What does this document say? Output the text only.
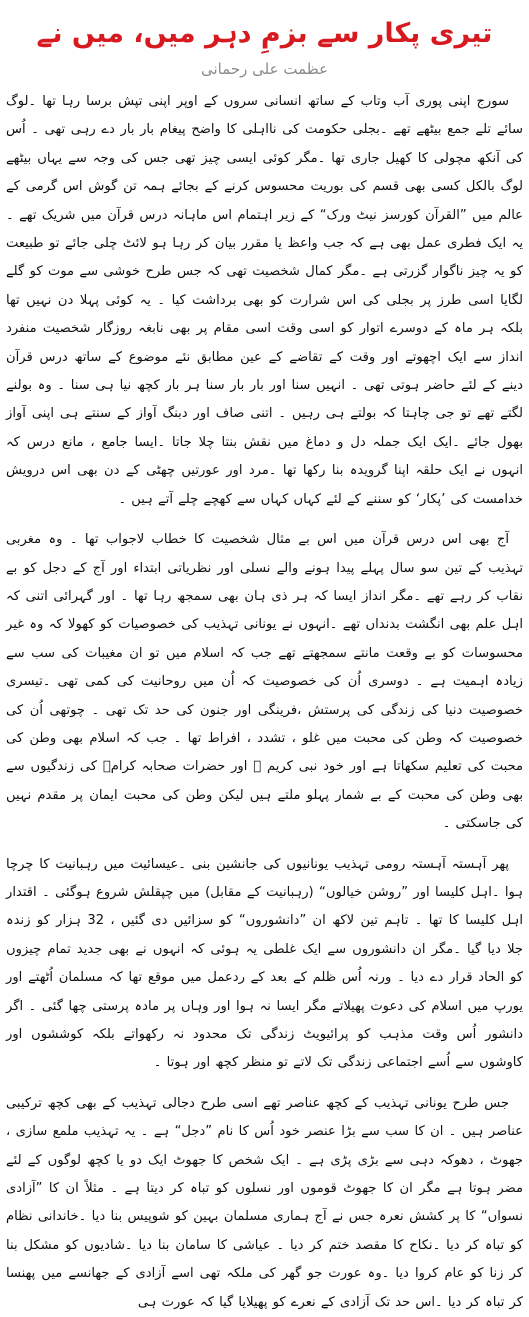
تیری پکار سے بزمِ دہر میں، میں نے
عظمت علی رحمانی

سورج اپنی پوری آب وتاب کے ساتھ انسانی سروں کے اوپر اپنی تپش برسا رہا تھا ۔لوگ سائے تلے جمع بیٹھے تھے ۔بجلی حکومت کی نااہلی کا واضح پیغام بار بار دے رہی تھی ۔ اُس کی آنکھ مچولی کا کھیل جاری تھا ۔مگر کوئی ایسی چیز تھی جس کی وجہ سے یہاں بیٹھے لوگ بالکل کسی بھی قسم کی بوریت محسوس کرنے کے بجائے ہمہ تن گوش اس گرمی کے عالم میں ”القرآن کورسز نیٹ ورک“ کے زیر اہتمام اس ماہانہ درس قرآن میں شریک تھے ۔ یہ ایک فطری عمل بھی ہے کہ جب واعظ یا مقرر بیان کر رہا ہو لائٹ چلی جائے تو طبیعت کو یہ چیز ناگوار گزرتی ہے ۔مگر کمال شخصیت تھی کہ جس طرح خوشی سے موت کو گلے لگایا اسی طرز پر بجلی کی اس شرارت کو بھی برداشت کیا ۔ یہ کوئی پہلا دن نہیں تھا بلکہ ہر ماہ کے دوسرے اتوار کو اسی وقت اسی مقام پر بھی نابغہ روزگار شخصیت منفرد انداز سے ایک اچھوتے اور وقت کے تقاضے کے عین مطابق نئے موضوع کے ساتھ درس قرآن دینے کے لئے حاضر ہوتی تھی ۔ انہیں سنا اور بار بار سنا ہر بار کچھ نیا ہی سنا ۔ وہ بولنے لگتے تھے تو جی چاہتا کہ بولتے ہی رہیں ۔ اتنی صاف اور دبنگ آواز کے سنتے ہی اپنی آواز بھول جائے ۔ایک ایک جملہ دل و دماغ میں نقش بنتا چلا جاتا ۔ایسا جامع ، مانع درس کہ انہوں نے ایک حلقہ اپنا گرویدہ بنا رکھا تھا ۔مرد اور عورتیں چھٹی کے دن بھی اس درویش خدامست کی ’پکار‘ کو سننے کے لئے کہاں کہاں سے کھچے چلے آتے ہیں ۔

آج بھی اس درس قرآن میں اس بے مثال شخصیت کا خطاب لاجواب تھا ۔ وہ مغربی تہذیب کے تین سو سال پہلے پیدا ہونے والے نسلی اور نظریاتی ابتداء اور آج کے دجل کو بے نقاب کر رہے تھے ۔مگر انداز ایسا کہ ہر ذی ہان بھی سمجھ رہا تھا ۔ اور گہرائی اتنی کہ اہل علم بھی انگشت بدنداں تھے ۔انہوں نے یونانی تہذیب کی خصوصیات کو کھولا کہ وہ غیر محسوسات کو بے وقعت مانتے سمجھتے تھے جب کہ اسلام میں تو ان مغیبات کی سب سے زیادہ اہمیت ہے ۔ دوسری اُن کی خصوصیت کہ اُن میں روحانیت کی کمی تھی ۔تیسری خصوصیت دنیا کی زندگی کی پرستش ،فرینگی اور جنون کی حد تک تھی ۔ چوتھی اُن کی خصوصیت کہ وطن کی محبت میں غلو ، تشدد ، افراط تھا ۔ جب کہ اسلام بھی وطن کی محبت کی تعلیم سکھاتا ہے اور خود نبی کریم ﷺ اور حضرات صحابہ کرامؓ کی زندگیوں سے بھی وطن کی محبت کے بے شمار پہلو ملتے ہیں لیکن وطن کی محبت ایمان پر مقدم نہیں کی جاسکتی ۔

پھر آہستہ آہستہ رومی تہذیب یونانیوں کی جانشین بنی ۔عیسائیت میں رہبانیت کا چرچا ہوا ۔اہل کلیسا اور ”روشن خیالوں“ (رہبانیت کے مقابل) میں چپقلش شروع ہوگئی ۔ اقتدار اہل کلیسا کا تھا ۔ تاہم تین لاکھ ان ”دانشوروں“ کو سزائیں دی گئیں ، 32 ہزار کو زندہ جلا دیا گیا ۔مگر ان دانشوروں سے ایک غلطی یہ ہوئی کہ انہوں نے بھی جدید تمام چیزوں کو الحاد قرار دے دیا ۔ ورنہ اُس ظلم کے بعد کے ردعمل میں موقع تھا کہ مسلمان اُٹھتے اور یورپ میں اسلام کی دعوت پھیلاتے مگر ایسا نہ ہوا اور وہاں پر مادہ پرستی چھا گئی ۔ اگر دانشور اُس وقت مذہب کو پرائیویٹ زندگی تک محدود نہ رکھواتے بلکہ کوششوں اور کاوشوں سے اُسے اجتماعی زندگی تک لاتے تو منظر کچھ اور ہوتا ۔

جس طرح یونانی تہذیب کے کچھ عناصر تھے اسی طرح دجالی تہذیب کے بھی کچھ ترکیبی عناصر ہیں ۔ ان کا سب سے بڑا عنصر خود اُس کا نام ”دجل“ ہے ۔ یہ تہذیب ملمع سازی ، جھوٹ ، دھوکہ دہی سے بڑی پڑی ہے ۔ ایک شخص کا جھوٹ ایک دو یا کچھ لوگوں کے لئے مضر ہوتا ہے مگر ان کا جھوٹ قوموں اور نسلوں کو تباہ کر دیتا ہے ۔ مثلاً ان کا ”آزادی نسواں“ کا پر کشش نعرہ جس نے آج ہماری مسلمان بہین کو شوپیس بنا دیا ۔خاندانی نظام کو تباہ کر دیا ۔نکاح کا مقصد ختم کر دیا ۔ عیاشی کا سامان بنا دیا ۔شادیوں کو مشکل بنا کر زنا کو عام کروا دیا ۔وہ عورت جو گھر کی ملکہ تھی اسے آزادی کے جھانسے میں پھنسا کر تباہ کر دیا ۔اس حد تک آزادی کے نعرے کو پھیلایا گیا کہ عورت ہی
